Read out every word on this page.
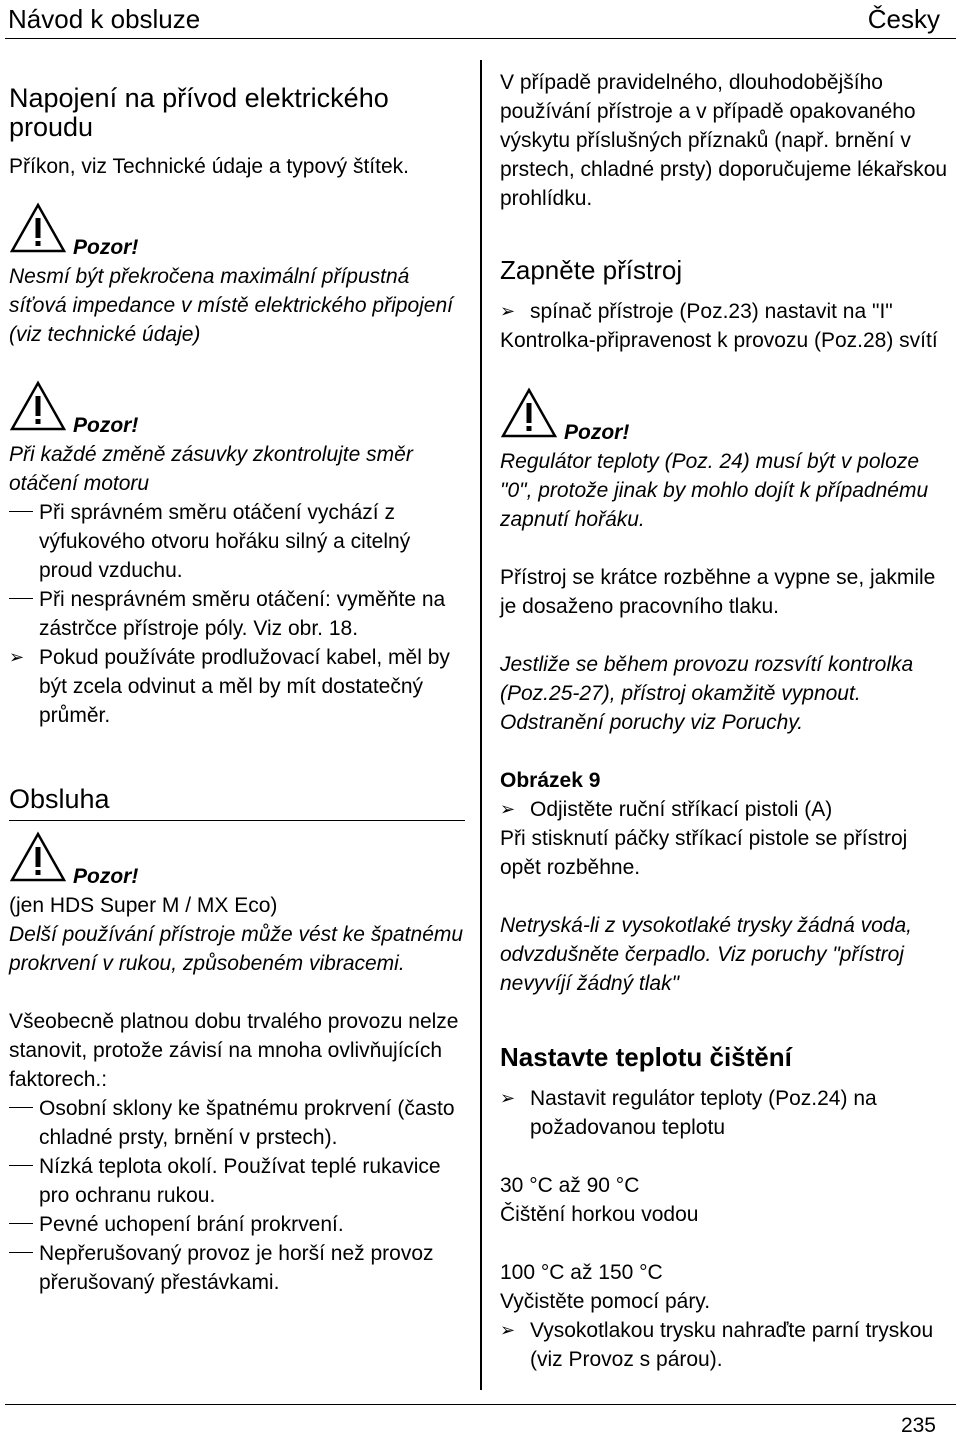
Návod k obsluze	Česky
Napojení na přívod elektrického proudu

Příkon, viz Technické údaje a typový štítek.

Pozor!

Nesmí být překročena maximální přípustná síťová impedance v místě elektrického připojení (viz technické údaje)

Pozor!

Při každé změně zásuvky zkontrolujte směr otáčení motoru

Při správném směru otáčení vychází z výfukového otvoru hořáku silný a citelný proud vzduchu.
Při nesprávném směru otáčení: vyměňte na zástrčce přístroje póly. Viz obr. 18.
➢ Pokud používáte prodlužovací kabel, měl by být zcela odvinut a měl by mít dostatečný průměr.
Obsluha
Pozor!

(jen HDS Super M / MX Eco)

Delší používání přístroje může vést ke špatnému prokrvení v rukou, způsobeném vibracemi.

Všeobecně platnou dobu trvalého provozu nelze stanovit, protože závisí na mnoha ovlivňujících faktorech.:

Osobní sklony ke špatnému prokrvení (často chladné prsty, brnění v prstech).
Nízká teplota okolí. Používat teplé rukavice pro ochranu rukou.
Pevné uchopení brání prokrvení.
Nepřerušovaný provoz je horší než provoz přerušovaný přestávkami.

V případě pravidelného, dlouhodobějšího používání přístroje a v případě opakovaného výskytu příslušných příznaků (např. brnění v prstech, chladné prsty) doporučujeme lékařskou prohlídku.

Zapněte přístroj
➢ spínač přístroje (Poz.23) nastavit na "I"

Kontrolka-připravenost k provozu (Poz.28) svítí

Pozor!

Regulátor teploty (Poz. 24) musí být v poloze "0", protože jinak by mohlo dojít k případnému zapnutí hořáku.

Přístroj se krátce rozběhne a vypne se, jakmile je dosaženo pracovního tlaku.

Jestliže se během provozu rozsvítí kontrolka (Poz.25-27), přístroj okamžitě vypnout. Odstranění poruchy viz Poruchy.

Obrázek 9

➢ Odjistěte ruční stříkací pistoli (A)

Při stisknutí páčky stříkací pistole se přístroj opět rozběhne.

Netryská-li z vysokotlaké trysky žádná voda, odvzdušněte čerpadlo. Viz poruchy "přístroj nevyvíjí žádný tlak"

Nastavte teplotu čištění
➢ Nastavit regulátor teploty (Poz.24) na požadovanou teplotu

30 °C až 90 °C

Čištění horkou vodou

100 °C až 150 °C

Vyčistěte pomocí páry.

➢ Vysokotlakou trysku nahraďte parní tryskou (viz Provoz s párou).
235
